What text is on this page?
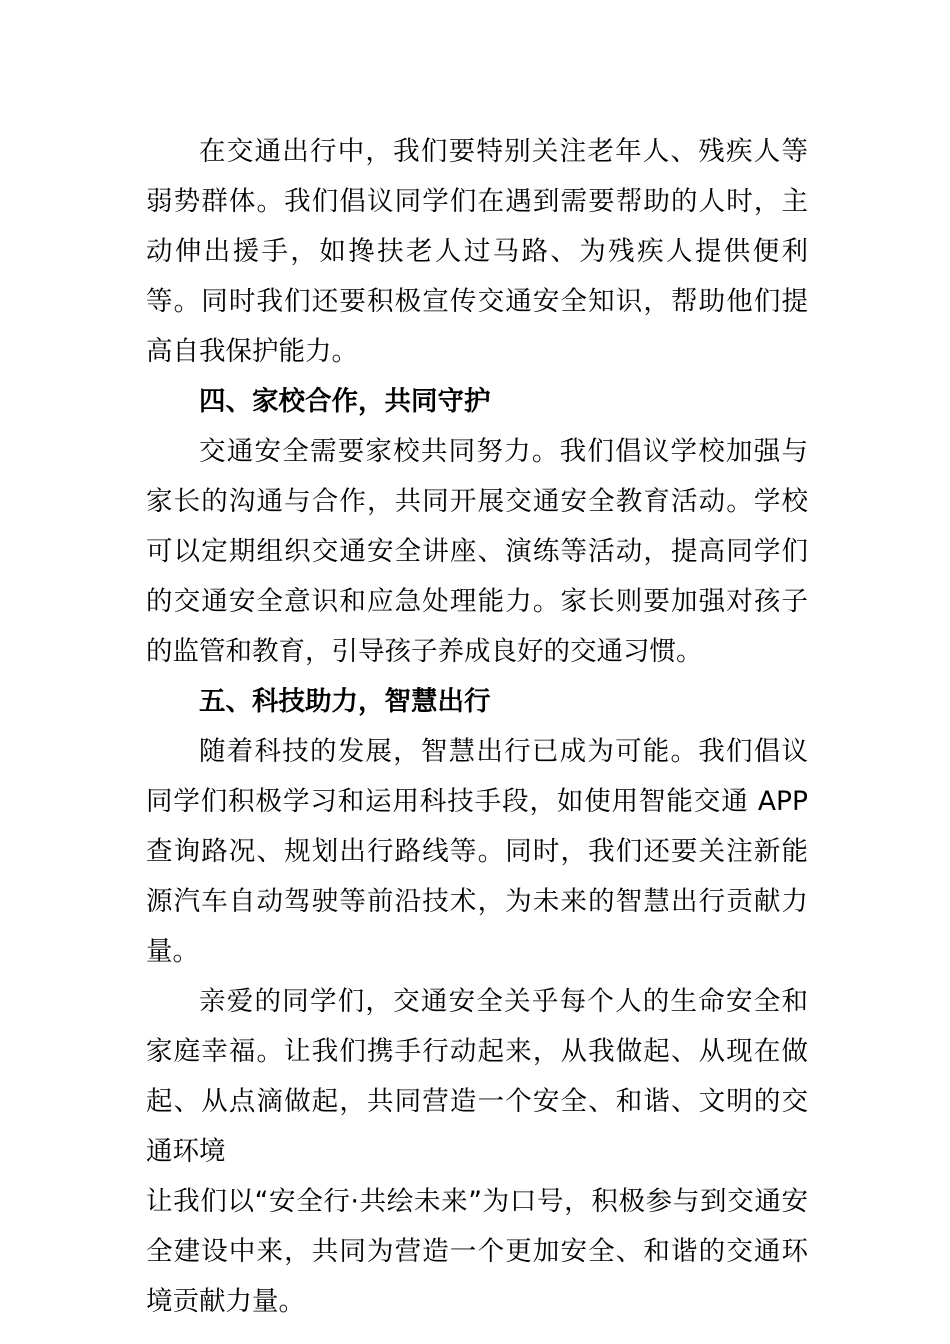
在交通出行中，我们要特别关注老年人、残疾人等弱势群体。我们倡议同学们在遇到需要帮助的人时，主动伸出援手，如搀扶老人过马路、为残疾人提供便利等。同时我们还要积极宣传交通安全知识，帮助他们提高自我保护能力。

四、家校合作，共同守护

交通安全需要家校共同努力。我们倡议学校加强与家长的沟通与合作，共同开展交通安全教育活动。学校可以定期组织交通安全讲座、演练等活动，提高同学们的交通安全意识和应急处理能力。家长则要加强对孩子的监管和教育，引导孩子养成良好的交通习惯。

五、科技助力，智慧出行

随着科技的发展，智慧出行已成为可能。我们倡议同学们积极学习和运用科技手段，如使用智能交通 APP 查询路况、规划出行路线等。同时，我们还要关注新能源汽车自动驾驶等前沿技术，为未来的智慧出行贡献力量。

亲爱的同学们，交通安全关乎每个人的生命安全和家庭幸福。让我们携手行动起来，从我做起、从现在做起、从点滴做起，共同营造一个安全、和谐、文明的交通环境

让我们以“安全行·共绘未来”为口号，积极参与到交通安全建设中来，共同为营造一个更加安全、和谐的交通环境贡献力量。
